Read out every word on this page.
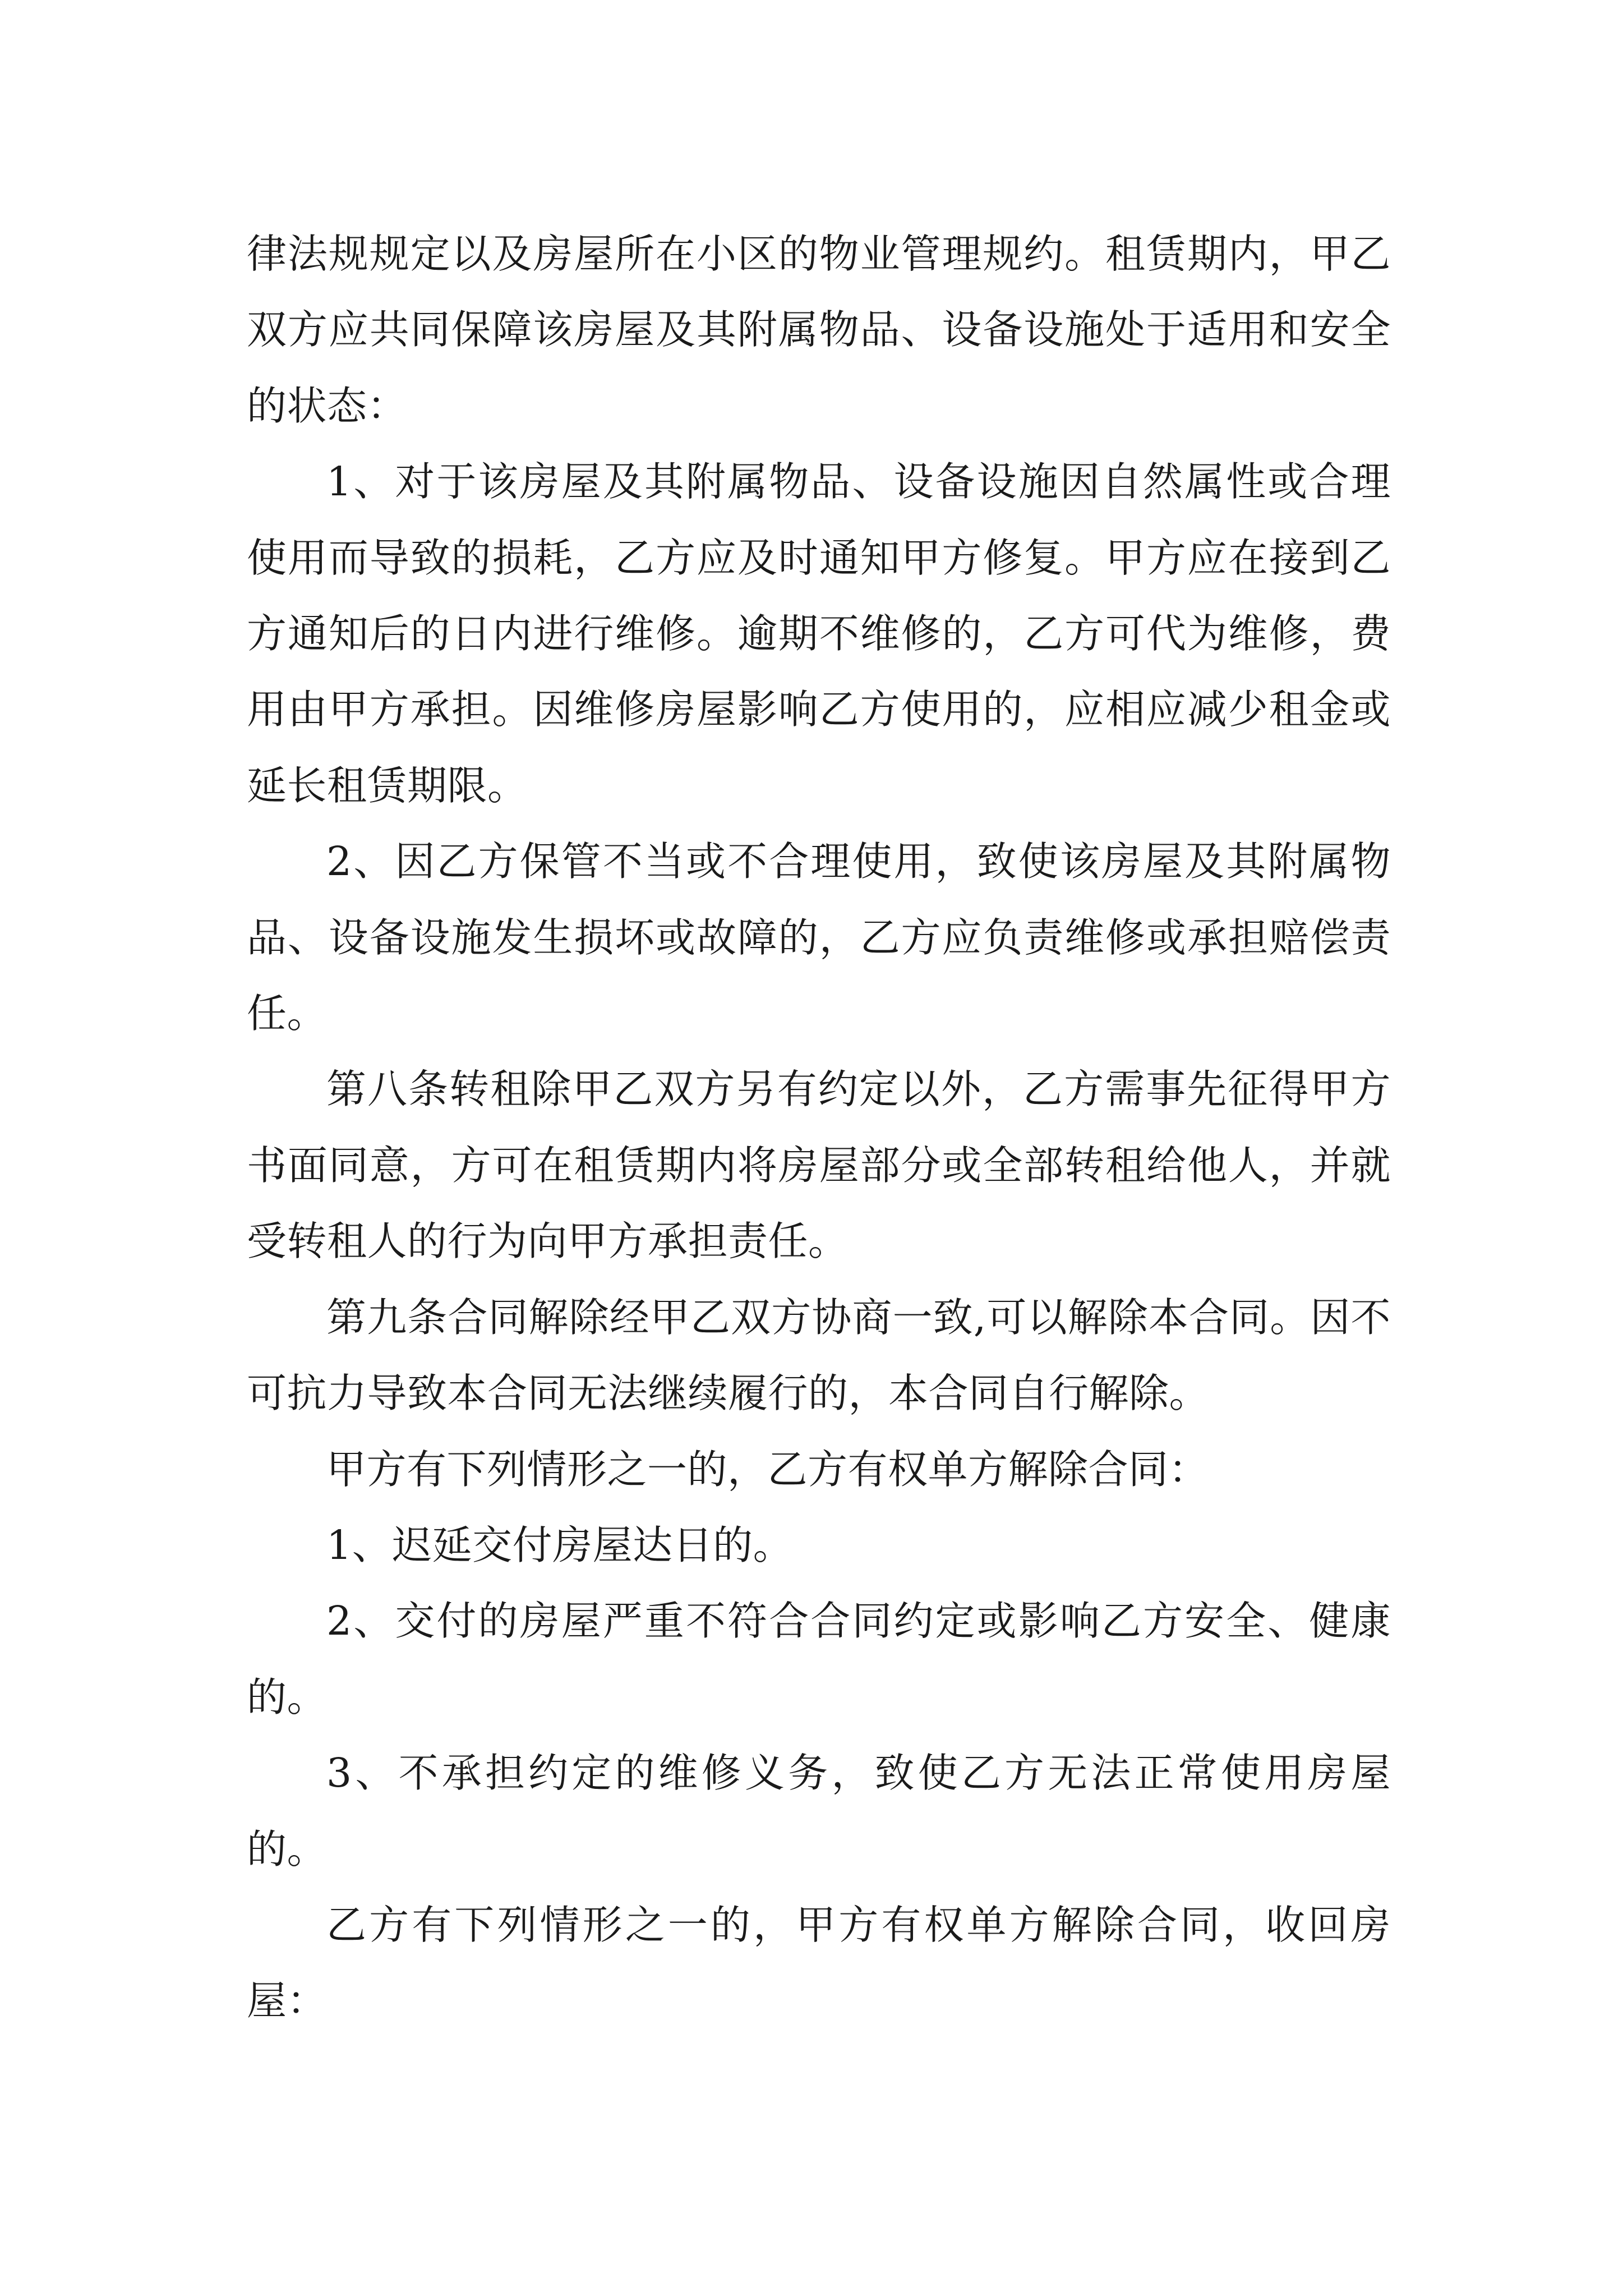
律法规规定以及房屋所在小区的物业管理规约。租赁期内，甲乙双方应共同保障该房屋及其附属物品、设备设施处于适用和安全的状态：

1、对于该房屋及其附属物品、设备设施因自然属性或合理使用而导致的损耗，乙方应及时通知甲方修复。甲方应在接到乙方通知后的日内进行维修。逾期不维修的，乙方可代为维修，费用由甲方承担。因维修房屋影响乙方使用的，应相应减少租金或延长租赁期限。

2、因乙方保管不当或不合理使用，致使该房屋及其附属物品、设备设施发生损坏或故障的，乙方应负责维修或承担赔偿责任。

第八条转租除甲乙双方另有约定以外，乙方需事先征得甲方书面同意，方可在租赁期内将房屋部分或全部转租给他人，并就受转租人的行为向甲方承担责任。

第九条合同解除经甲乙双方协商一致,可以解除本合同。因不可抗力导致本合同无法继续履行的，本合同自行解除。

甲方有下列情形之一的，乙方有权单方解除合同：

1、迟延交付房屋达日的。

2、交付的房屋严重不符合合同约定或影响乙方安全、健康的。

3、不承担约定的维修义务，致使乙方无法正常使用房屋的。

乙方有下列情形之一的，甲方有权单方解除合同，收回房屋：
